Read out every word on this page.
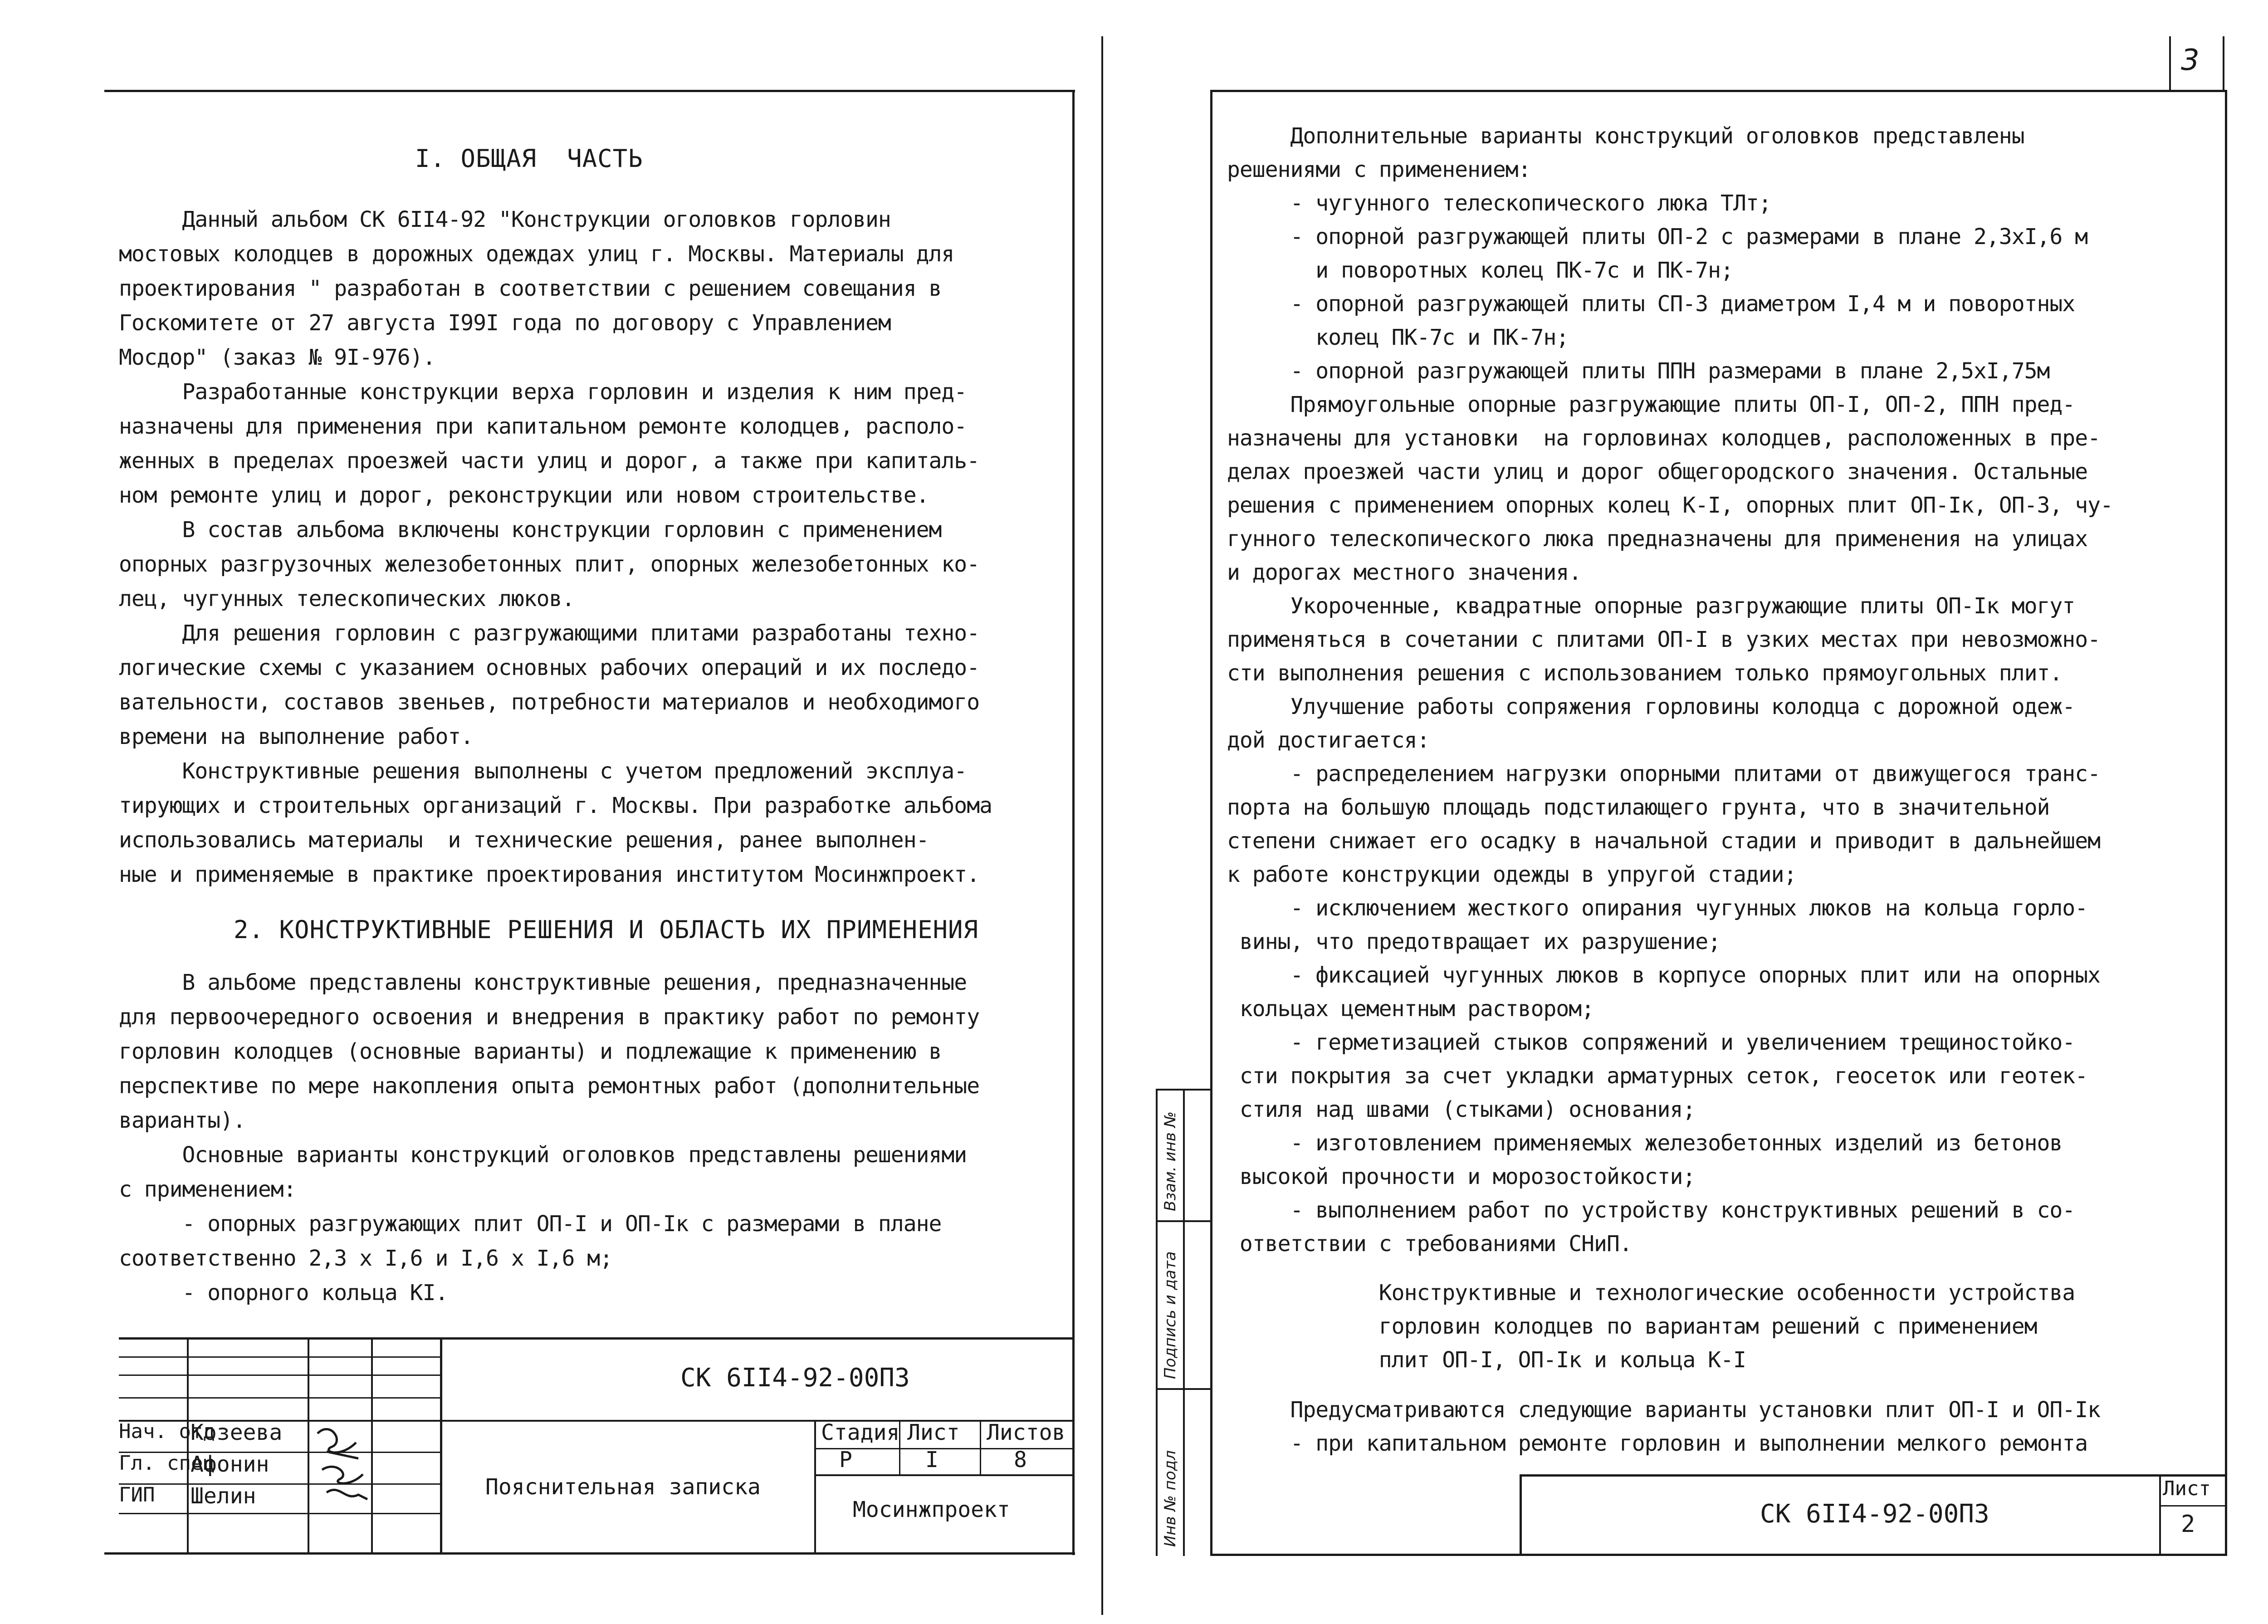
I. ОБЩАЯ  ЧАСТЬ
Данный альбом СК 6II4-92 "Конструкции оголовков горловин
мостовых колодцев в дорожных одеждах улиц г. Москвы. Материалы для
проектирования " разработан в соответствии с решением совещания в
Госкомитете от 27 августа I99I года по договору с Управлением
Мосдор" (заказ № 9I-976).
Разработанные конструкции верха горловин и изделия к ним пред-
назначены для применения при капитальном ремонте колодцев, располо-
женных в пределах проезжей части улиц и дорог, а также при капиталь-
ном ремонте улиц и дорог, реконструкции или новом строительстве.
В состав альбома включены конструкции горловин с применением
опорных разгрузочных железобетонных плит, опорных железобетонных ко-
лец, чугунных телескопических люков.
Для решения горловин с разгружающими плитами разработаны техно-
логические схемы с указанием основных рабочих операций и их последо-
вательности, составов звеньев, потребности материалов и необходимого
времени на выполнение работ.
Конструктивные решения выполнены с учетом предложений эксплуа-
тирующих и строительных организаций г. Москвы. При разработке альбома
использовались материалы  и технические решения, ранее выполнен-
ные и применяемые в практике проектирования институтом Мосинжпроект.
2. КОНСТРУКТИВНЫЕ РЕШЕНИЯ И ОБЛАСТЬ ИХ ПРИМЕНЕНИЯ
В альбоме представлены конструктивные решения, предназначенные
для первоочередного освоения и внедрения в практику работ по ремонту
горловин колодцев (основные варианты) и подлежащие к применению в
перспективе по мере накопления опыта ремонтных работ (дополнительные
варианты).
Основные варианты конструкций оголовков представлены решениями
с применением:
- опорных разгружающих плит ОП-I и ОП-Iк с размерами в плане
соответственно 2,3 х I,6 и I,6 х I,6 м;
- опорного кольца КI.
СК 6II4-92-00ПЗ
Пояснительная записка
Мосинжпроект
Стадия Лист Листов
Р	I	8
Нач. отд
Гл. спец
ГИП
Козеева
Афонин
Шелин
3
Инв № подл
Подпись и дата
Взам. инв №
Дополнительные варианты конструкций оголовков представлены
решениями с применением:
- чугунного телескопического люка ТЛт;
- опорной разгружающей плиты ОП-2 с размерами в плане 2,3хI,6 м
и поворотных колец ПК-7с и ПК-7н;
- опорной разгружающей плиты СП-3 диаметром I,4 м и поворотных
колец ПК-7с и ПК-7н;
- опорной разгружающей плиты ППН размерами в плане 2,5хI,75м
Прямоугольные опорные разгружающие плиты ОП-I, ОП-2, ППН пред-
назначены для установки  на горловинах колодцев, расположенных в пре-
делах проезжей части улиц и дорог общегородского значения. Остальные
решения с применением опорных колец К-I, опорных плит ОП-Iк, ОП-3, чу-
гунного телескопического люка предназначены для применения на улицах
и дорогах местного значения.
Укороченные, квадратные опорные разгружающие плиты ОП-Iк могут
применяться в сочетании с плитами ОП-I в узких местах при невозможно-
сти выполнения решения с использованием только прямоугольных плит.
Улучшение работы сопряжения горловины колодца с дорожной одеж-
дой достигается:
- распределением нагрузки опорными плитами от движущегося транс-
порта на большую площадь подстилающего грунта, что в значительной
степени снижает его осадку в начальной стадии и приводит в дальнейшем
к работе конструкции одежды в упругой стадии;
- исключением жесткого опирания чугунных люков на кольца горло-
вины, что предотвращает их разрушение;
- фиксацией чугунных люков в корпусе опорных плит или на опорных
кольцах цементным раствором;
- герметизацией стыков сопряжений и увеличением трещиностойко-
сти покрытия за счет укладки арматурных сеток, геосеток или геотек-
стиля над швами (стыками) основания;
- изготовлением применяемых железобетонных изделий из бетонов
высокой прочности и морозостойкости;
- выполнением работ по устройству конструктивных решений в со-
ответствии с требованиями СНиП.
Конструктивные и технологические особенности устройства
горловин колодцев по вариантам решений с применением
плит ОП-I, ОП-Iк и кольца К-I
Предусматриваются следующие варианты установки плит ОП-I и ОП-Iк
- при капитальном ремонте горловин и выполнении мелкого ремонта
СК 6II4-92-00ПЗ
Лист
2
